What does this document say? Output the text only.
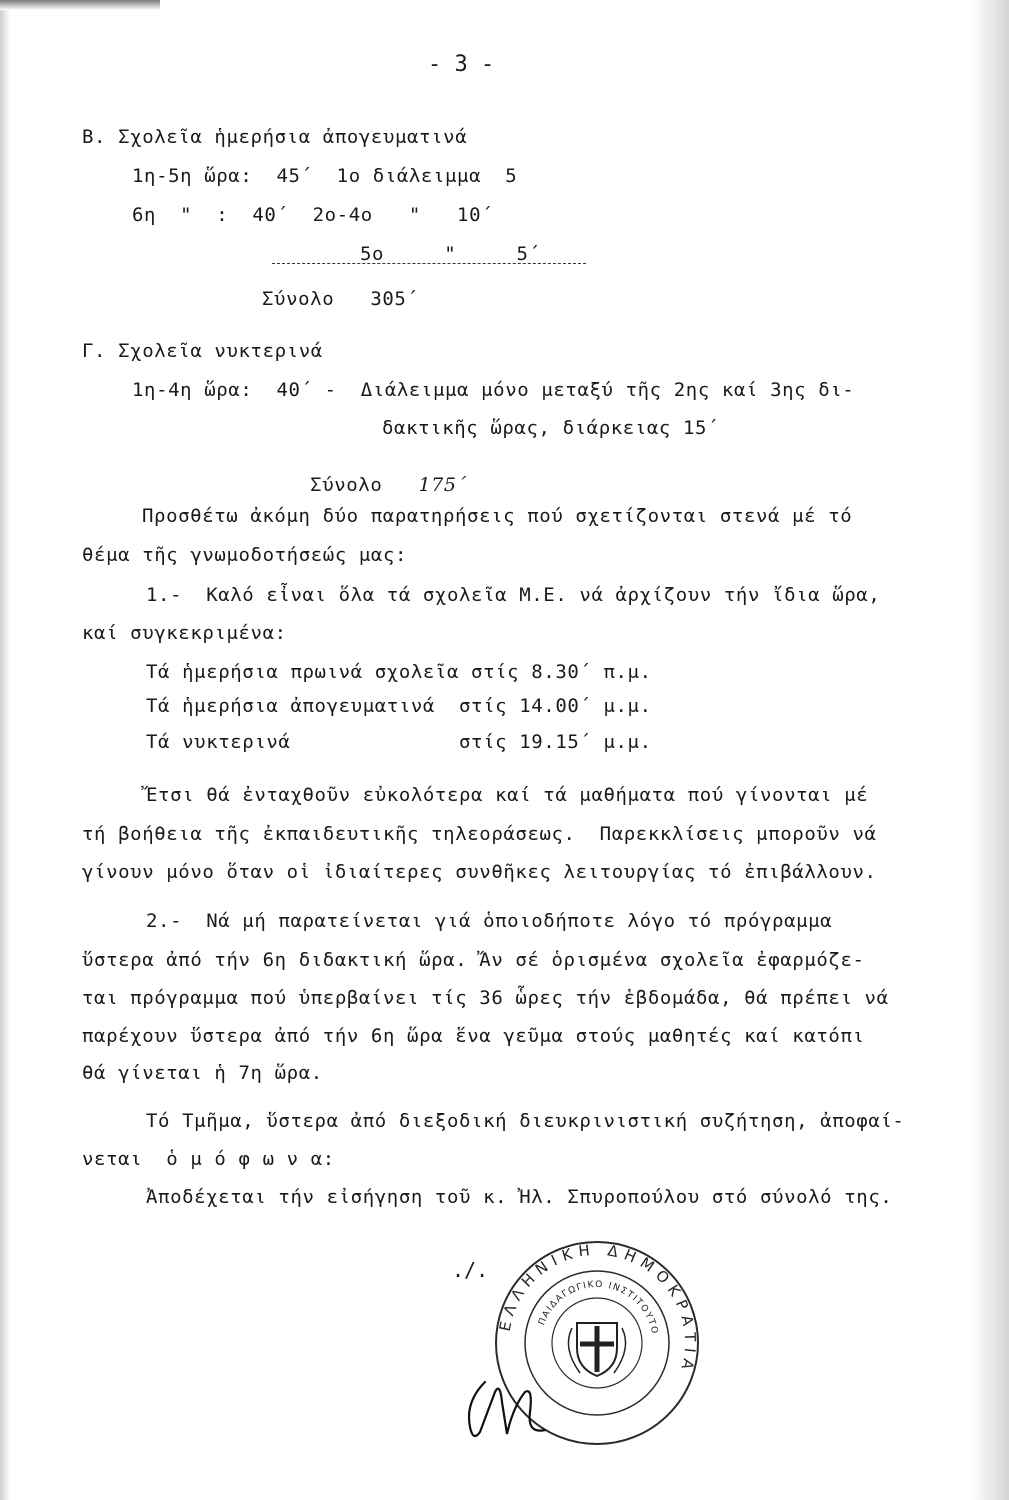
- 3 -
Β. Σχολεῖα ἡμερήσια ἀπογευματινά
1η-5η ὥρα:  45΄  1ο διάλειμμα  5
6η  "  :  40΄  2ο-4ο   "   10΄
5ο     "     5΄
Σύνολο   305΄
Γ. Σχολεῖα νυκτερινά
1η-4η ὥρα:  40΄ -  Διάλειμμα μόνο μεταξύ τῆς 2ης καί 3ης δι-
δακτικῆς ὥρας, διάρκειας 15΄

Σύνολο 175΄

Προσθέτω ἀκόμη δύο παρατηρήσεις πού σχετίζονται στενά μέ τό
θέμα τῆς γνωμοδοτήσεώς μας:
1.-  Καλό εἶναι ὅλα τά σχολεῖα Μ.Ε. νά ἀρχίζουν τήν ἴδια ὥρα,
καί συγκεκριμένα:
Τά ἡμερήσια πρωινά σχολεῖα στίς 8.30΄ π.μ.
Τά ἡμερήσια ἀπογευματινά  στίς 14.00΄ μ.μ.
Τά νυκτερινά              στίς 19.15΄ μ.μ.
Ἔτσι θά ἐνταχθοῦν εὐκολότερα καί τά μαθήματα πού γίνονται μέ
τή βοήθεια τῆς ἐκπαιδευτικῆς τηλεοράσεως.  Παρεκκλίσεις μποροῦν νά
γίνουν μόνο ὅταν οἱ ἰδιαίτερες συνθῆκες λειτουργίας τό ἐπιβάλλουν.
2.-  Νά μή παρατείνεται γιά ὁποιοδήποτε λόγο τό πρόγραμμα
ὕστερα ἀπό τήν 6η διδακτική ὥρα. Ἄν σέ ὁρισμένα σχολεῖα ἐφαρμόζε-
ται πρόγραμμα πού ὑπερβαίνει τίς 36 ὧρες τήν ἑβδομάδα, θά πρέπει νά
παρέχουν ὕστερα ἀπό τήν 6η ὥρα ἕνα γεῦμα στούς μαθητές καί κατόπι
θά γίνεται ἡ 7η ὥρα.
Τό Τμῆμα, ὕστερα ἀπό διεξοδική διευκρινιστική συζήτηση, ἀποφαί-
νεται  ὁ μ ό φ ω ν α:
Ἀποδέχεται τήν εἰσήγηση τοῦ κ. Ἠλ. Σπυροπούλου στό σύνολό της.
./.
ΕΛΛΗΝΙΚΗ ΔΗΜΟΚΡΑΤΙΑ
ΠΑΙΔΑΓΩΓΙΚΟ ΙΝΣΤΙΤΟΥΤΟ
